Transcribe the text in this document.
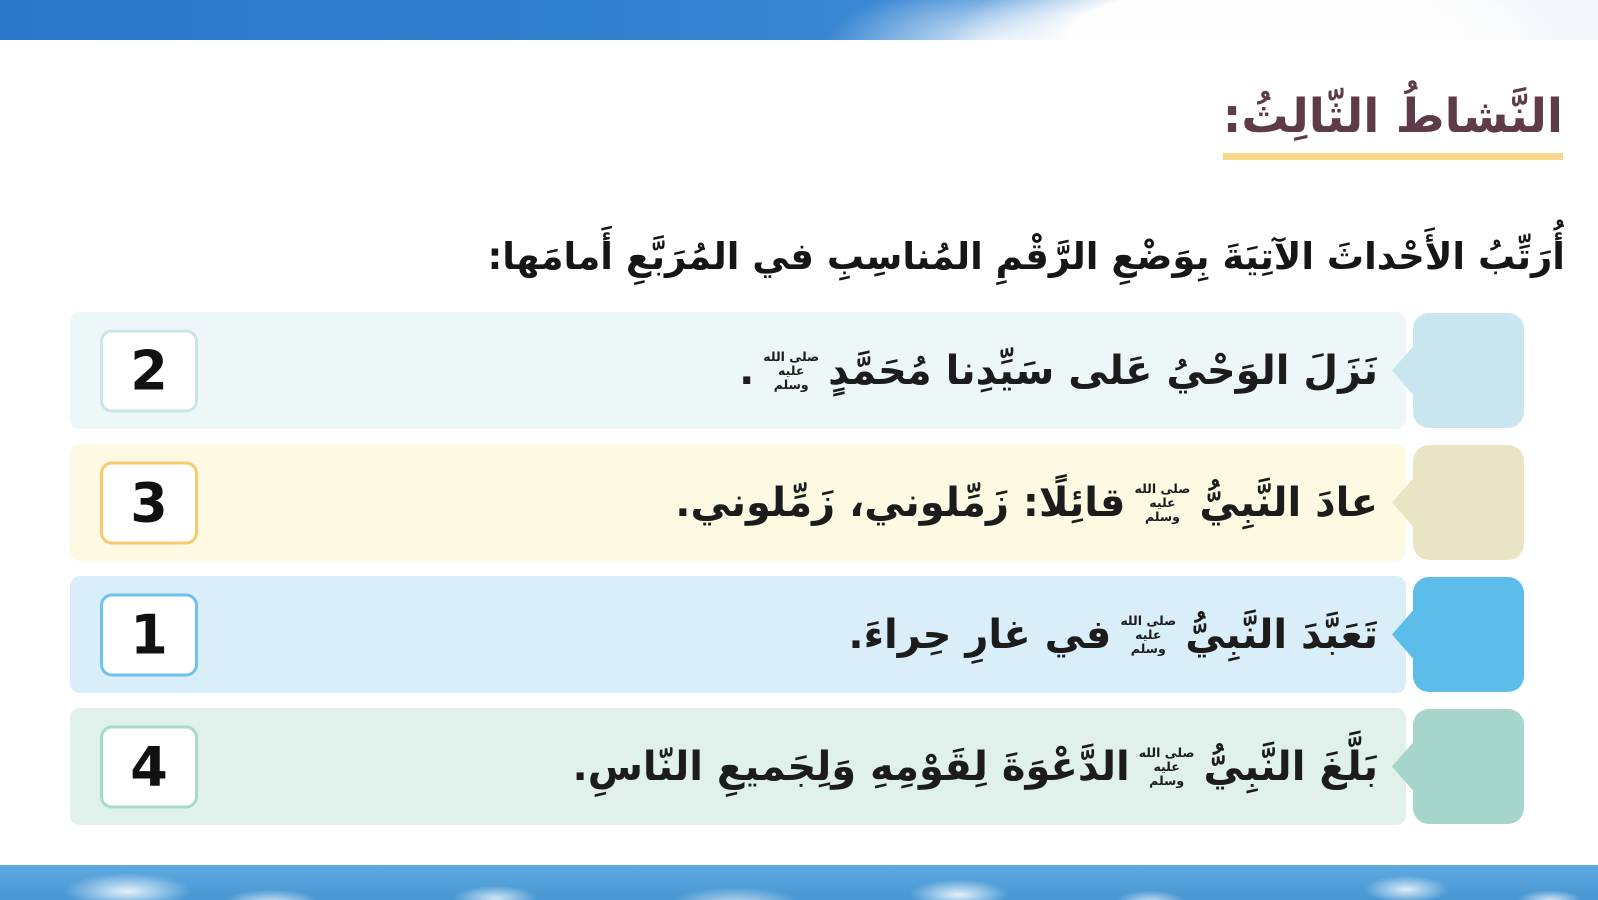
النَّشاطُ الثّالِثُ:

أُرَتِّبُ الأَحْداثَ الآتِيَةَ بِوَضْعِ الرَّقْمِ المُناسِبِ في المُرَبَّعِ أَمامَها:

نَزَلَ الوَحْيُ عَلى سَيِّدِنا مُحَمَّدٍ
صلى الله
عليه
وسلم
.
2
عادَ النَّبِيُّ
صلى الله
عليه
وسلم
قائِلًا: زَمِّلوني، زَمِّلوني.
3
تَعَبَّدَ النَّبِيُّ
صلى الله
عليه
وسلم
في غارِ حِراءَ.
1
بَلَّغَ النَّبِيُّ
صلى الله
عليه
وسلم
الدَّعْوَةَ لِقَوْمِهِ وَلِجَميعِ النّاسِ.
4
